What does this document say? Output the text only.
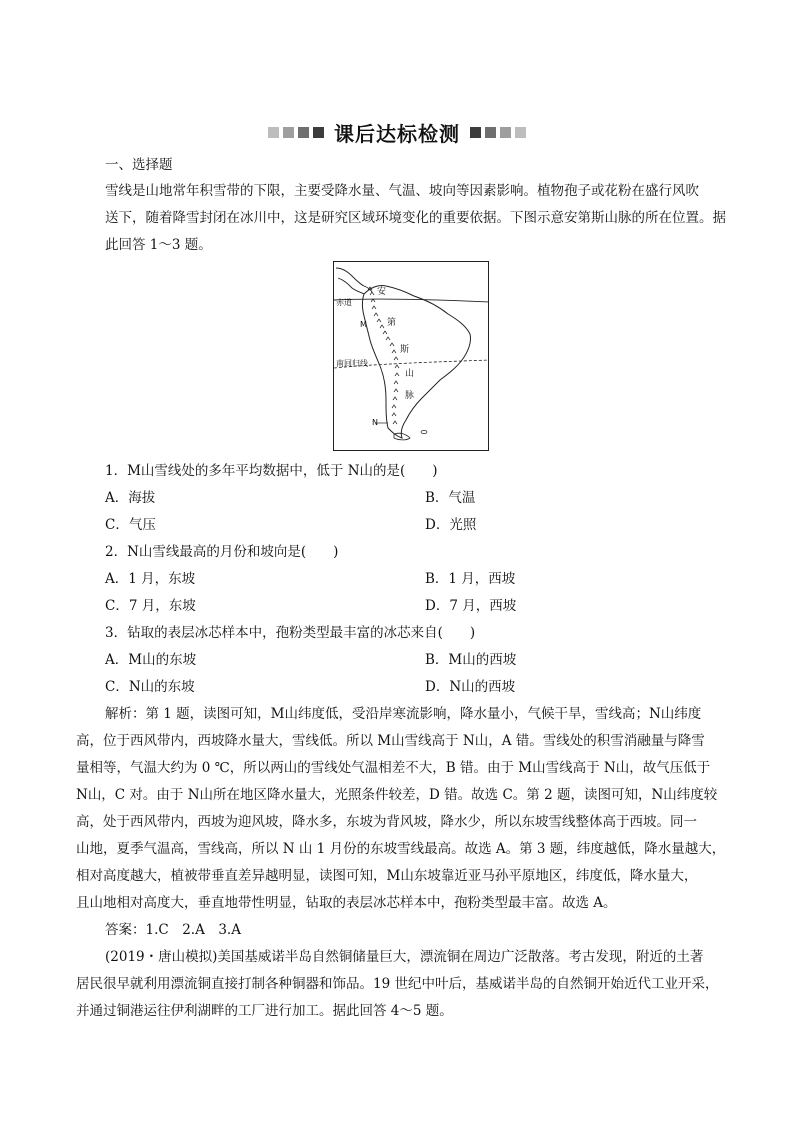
课后达标检测
一、选择题
雪线是山地常年积雪带的下限，主要受降水量、气温、坡向等因素影响。植物孢子或花粉在盛行风吹
送下，随着降雪封闭在冰川中，这是研究区域环境变化的重要依据。下图示意安第斯山脉的所在位置。据
此回答 1～3 题。
赤道
南回归线
M
N
安
第
斯
山
脉
1．M山雪线处的多年平均数据中，低于 N山的是(　　)
A．海拔	B．气温
C．气压	D．光照
2．N山雪线最高的月份和坡向是(　　)
A．1 月，东坡	B．1 月，西坡
C．7 月，东坡	D．7 月，西坡
3．钻取的表层冰芯样本中，孢粉类型最丰富的冰芯来自(　　)
A．M山的东坡	B．M山的西坡
C．N山的东坡	D．N山的西坡
解析：第 1 题，读图可知，M山纬度低，受沿岸寒流影响，降水量小，气候干旱，雪线高；N山纬度
高，位于西风带内，西坡降水量大，雪线低。所以 M山雪线高于 N山，A 错。雪线处的积雪消融量与降雪
量相等，气温大约为 0 ℃，所以两山的雪线处气温相差不大，B 错。由于 M山雪线高于 N山，故气压低于
N山，C 对。由于 N山所在地区降水量大，光照条件较差，D 错。故选 C。第 2 题，读图可知，N山纬度较
高，处于西风带内，西坡为迎风坡，降水多，东坡为背风坡，降水少，所以东坡雪线整体高于西坡。同一
山地，夏季气温高，雪线高，所以 N 山 1 月份的东坡雪线最高。故选 A。第 3 题，纬度越低，降水量越大，
相对高度越大，植被带垂直差异越明显，读图可知，M山东坡靠近亚马孙平原地区，纬度低，降水量大，
且山地相对高度大，垂直地带性明显，钻取的表层冰芯样本中，孢粉类型最丰富。故选 A。
答案：1.C　2.A　3.A
(2019・唐山模拟)美国基威诺半岛自然铜储量巨大，漂流铜在周边广泛散落。考古发现，附近的土著
居民很早就利用漂流铜直接打制各种铜器和饰品。19 世纪中叶后，基威诺半岛的自然铜开始近代工业开采，
并通过铜港运往伊利湖畔的工厂进行加工。据此回答 4～5 题。
